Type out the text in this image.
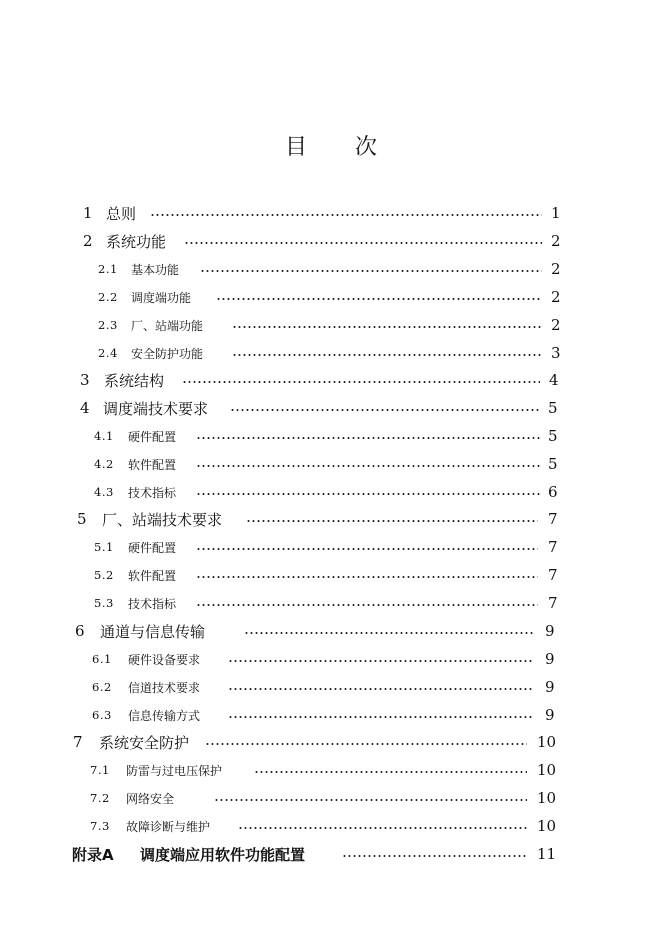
目 次
1 总则	1
2 系统功能	2
2.1 基本功能	2
2.2 调度端功能	2
2.3 厂、站端功能	2
2.4 安全防护功能	3
3 系统结构	4
4 调度端技术要求	5
4.1 硬件配置	5
4.2 软件配置	5
4.3 技术指标	6
5 厂、站端技术要求	7
5.1 硬件配置	7
5.2 软件配置	7
5.3 技术指标	7
6 通道与信息传输	9
6.1 硬件设备要求	9
6.2 信道技术要求	9
6.3 信息传输方式	9
7 系统安全防护	10
7.1 防雷与过电压保护	10
7.2 网络安全	10
7.3 故障诊断与维护	10
附录A 调度端应用软件功能配置	11
